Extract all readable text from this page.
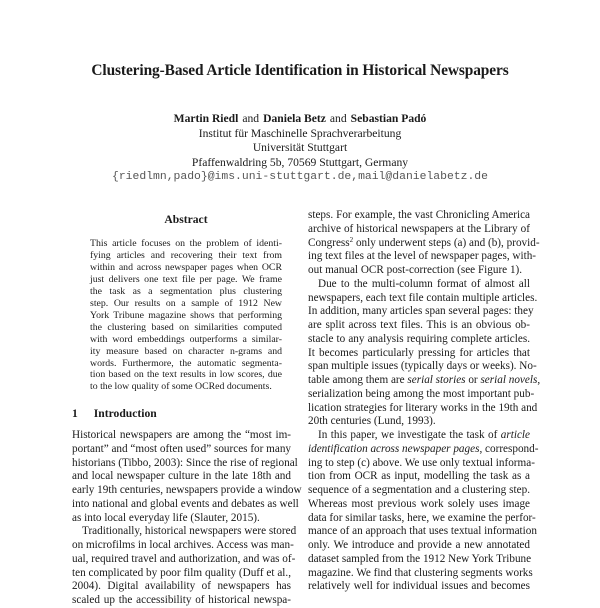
Clustering-Based Article Identification in Historical Newspapers
Martin Riedl and Daniela Betz and Sebastian Padó
Institut für Maschinelle Sprachverarbeitung
Universität Stuttgart
Pfaffenwaldring 5b, 70569 Stuttgart, Germany
{riedlmn,pado}@ims.uni-stuttgart.de,mail@danielabetz.de
Abstract
This article focuses on the problem of identi-
fying articles and recovering their text from
within and across newspaper pages when OCR
just delivers one text file per page. We frame
the task as a segmentation plus clustering
step. Our results on a sample of 1912 New
York Tribune magazine shows that performing
the clustering based on similarities computed
with word embeddings outperforms a similar-
ity measure based on character n-grams and
words. Furthermore, the automatic segmenta-
tion based on the text results in low scores, due
to the low quality of some OCRed documents.
1 Introduction
Historical newspapers are among the “most im-
portant” and “most often used” sources for many
historians (Tibbo, 2003): Since the rise of regional
and local newspaper culture in the late 18th and
early 19th centuries, newspapers provide a window
into national and global events and debates as well
as into local everyday life (Slauter, 2015).
Traditionally, historical newspapers were stored
on microfilms in local archives. Access was man-
ual, required travel and authorization, and was of-
ten complicated by poor film quality (Duff et al.,
2004). Digital availability of newspapers has
scaled up the accessibility of historical newspa-
steps. For example, the vast Chronicling America
archive of historical newspapers at the Library of
Congress$^2$ only underwent steps (a) and (b), provid-
ing text files at the level of newspaper pages, with-
out manual OCR post-correction (see Figure 1).
Due to the multi-column format of almost all
newspapers, each text file contain multiple articles.
In addition, many articles span several pages: they
are split across text files. This is an obvious ob-
stacle to any analysis requiring complete articles.
It becomes particularly pressing for articles that
span multiple issues (typically days or weeks). No-
table among them are serial stories or serial novels,
serialization being among the most important pub-
lication strategies for literary works in the 19th and
20th centuries (Lund, 1993).
In this paper, we investigate the task of article
identification across newspaper pages, correspond-
ing to step (c) above. We use only textual informa-
tion from OCR as input, modelling the task as a
sequence of a segmentation and a clustering step.
Whereas most previous work solely uses image
data for similar tasks, here, we examine the perfor-
mance of an approach that uses textual information
only. We introduce and provide a new annotated
dataset sampled from the 1912 New York Tribune
magazine. We find that clustering segments works
relatively well for individual issues and becomes
